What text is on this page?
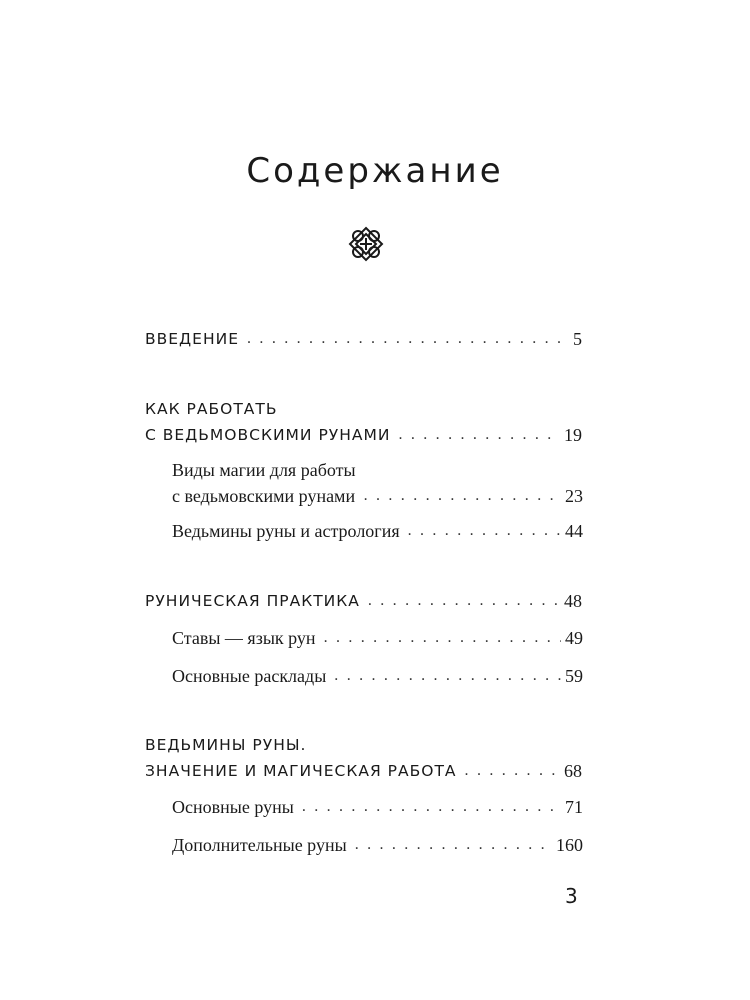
Содержание
ВВЕДЕНИЕ . . .	5
КАК РАБОТАТЬ
С ВЕДЬМОВСКИМИ РУНАМИ . . .	19
Виды магии для работы
с ведьмовскими рунами . . .	23
Ведьмины руны и астрология . . .	44
РУНИЧЕСКАЯ ПРАКТИКА . . .	48
Ставы — язык рун . . .	49
Основные расклады . . .	59
ВЕДЬМИНЫ РУНЫ.
ЗНАЧЕНИЕ И МАГИЧЕСКАЯ РАБОТА . . .	68
Основные руны . . .	71
Дополнительные руны . . .	160
3
